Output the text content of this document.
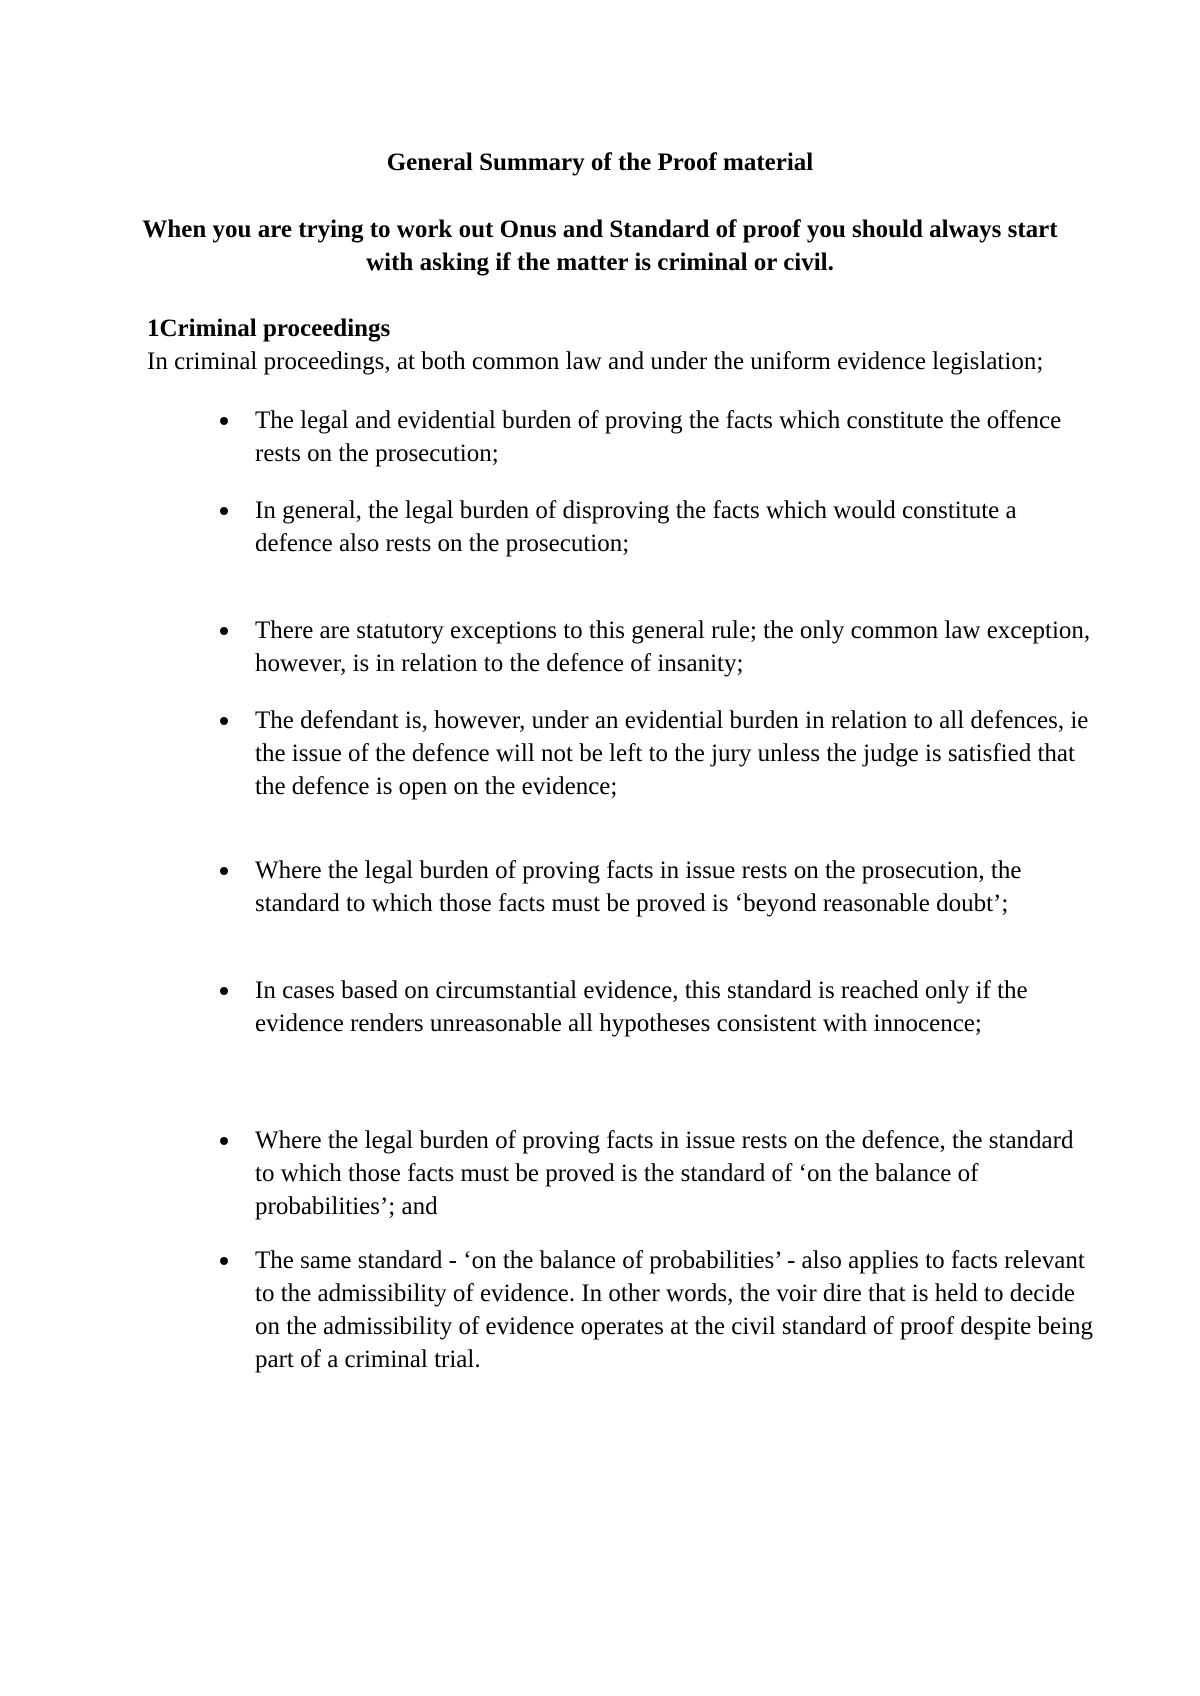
General Summary of the Proof material
When you are trying to work out Onus and Standard of proof you should always start with asking if the matter is criminal or civil.
1Criminal proceedings
In criminal proceedings, at both common law and under the uniform evidence legislation;
The legal and evidential burden of proving the facts which constitute the offence rests on the prosecution;
In general, the legal burden of disproving the facts which would constitute a defence also rests on the prosecution;
There are statutory exceptions to this general rule; the only common law exception, however, is in relation to the defence of insanity;
The defendant is, however, under an evidential burden in relation to all defences, ie the issue of the defence will not be left to the jury unless the judge is satisfied that the defence is open on the evidence;
Where the legal burden of proving facts in issue rests on the prosecution, the standard to which those facts must be proved is ‘beyond reasonable doubt’;
In cases based on circumstantial evidence, this standard is reached only if the evidence renders unreasonable all hypotheses consistent with innocence;
Where the legal burden of proving facts in issue rests on the defence, the standard to which those facts must be proved is the standard of ‘on the balance of probabilities’; and
The same standard - ‘on the balance of probabilities’ - also applies to facts relevant to the admissibility of evidence. In other words, the voir dire that is held to decide on the admissibility of evidence operates at the civil standard of proof despite being part of a criminal trial.
